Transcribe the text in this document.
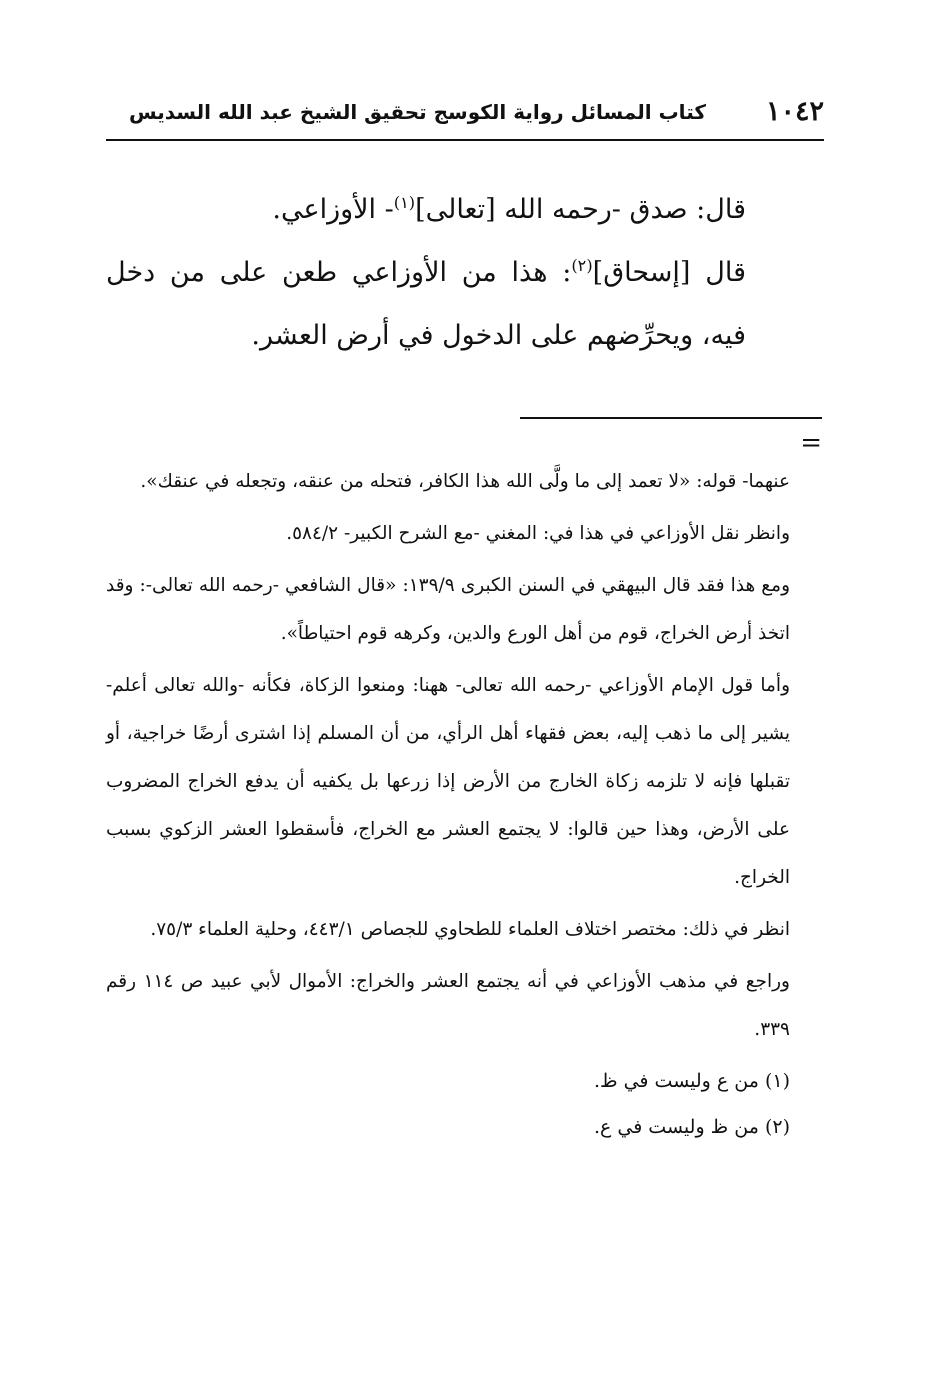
١٠٤٢
كتاب المسائل رواية الكوسج تحقيق الشيخ عبد الله السديس

قال: صدق -رحمه الله [تعالى]$^{(١)}$- الأوزاعي.

قال [إسحاق]$^{(٢)}$: هذا من الأوزاعي طعن على من دخل فيه، ويحرِّضهم على الدخول في أرض العشر.

=

عنهما- قوله: «لا تعمد إلى ما ولَّى الله هذا الكافر، فتحله من عنقه، وتجعله في عنقك».

وانظر نقل الأوزاعي في هذا في: المغني -مع الشرح الكبير- ٥٨٤/٢.

ومع هذا فقد قال البيهقي في السنن الكبرى ١٣٩/٩: «قال الشافعي -رحمه الله تعالى-: وقد اتخذ أرض الخراج، قوم من أهل الورع والدين، وكرهه قوم احتياطاً».

وأما قول الإمام الأوزاعي -رحمه الله تعالى- ههنا: ومنعوا الزكاة، فكأنه -والله تعالى أعلم- يشير إلى ما ذهب إليه، بعض فقهاء أهل الرأي، من أن المسلم إذا اشترى أرضًا خراجية، أو تقبلها فإنه لا تلزمه زكاة الخارج من الأرض إذا زرعها بل يكفيه أن يدفع الخراج المضروب على الأرض، وهذا حين قالوا: لا يجتمع العشر مع الخراج، فأسقطوا العشر الزكوي بسبب الخراج.

انظر في ذلك: مختصر اختلاف العلماء للطحاوي للجصاص ٤٤٣/١، وحلية العلماء ٧٥/٣.

وراجع في مذهب الأوزاعي في أنه يجتمع العشر والخراج: الأموال لأبي عبيد ص ١١٤ رقم ٣٣٩.

(١) من ع وليست في ظ.

(٢) من ظ وليست في ع.
